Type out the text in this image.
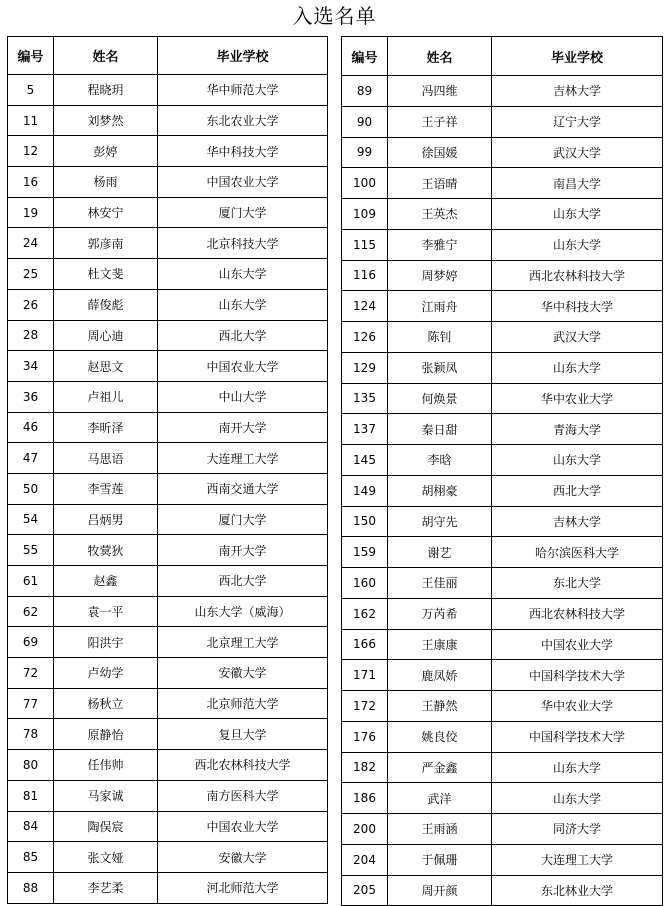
入选名单
编号	姓名	毕业学校
5	程晓玥	华中师范大学
11	刘梦然	东北农业大学
12	彭婷	华中科技大学
16	杨雨	中国农业大学
19	林安宁	厦门大学
24	郭彦南	北京科技大学
25	杜文斐	山东大学
26	薛俊彪	山东大学
28	周心迪	西北大学
34	赵思文	中国农业大学
36	卢祖儿	中山大学
46	李昕泽	南开大学
47	马思语	大连理工大学
50	李雪莲	西南交通大学
54	吕炳男	厦门大学
55	牧蓂狄	南开大学
61	赵鑫	西北大学
62	袁一平	山东大学（威海）
69	阳洪宇	北京理工大学
72	卢幼学	安徽大学
77	杨秋立	北京师范大学
78	原静怡	复旦大学
80	任伟帅	西北农林科技大学
81	马家诚	南方医科大学
84	陶俣宸	中国农业大学
85	张文娅	安徽大学
88	李艺柔	河北师范大学
编号	姓名	毕业学校
89	冯四维	吉林大学
90	王子祥	辽宁大学
99	徐国媛	武汉大学
100	王语晴	南昌大学
109	王英杰	山东大学
115	李雅宁	山东大学
116	周梦婷	西北农林科技大学
124	江雨舟	华中科技大学
126	陈钊	武汉大学
129	张颖凤	山东大学
135	何焕景	华中农业大学
137	秦日甜	青海大学
145	李晗	山东大学
149	胡栩豪	西北大学
150	胡守先	吉林大学
159	谢艺	哈尔滨医科大学
160	王佳丽	东北大学
162	万芮希	西北农林科技大学
166	王康康	中国农业大学
171	鹿凤娇	中国科学技术大学
172	王静然	华中农业大学
176	姚良佼	中国科学技术大学
182	严金鑫	山东大学
186	武洋	山东大学
200	王雨涵	同济大学
204	于佩珊	大连理工大学
205	周开颜	东北林业大学
